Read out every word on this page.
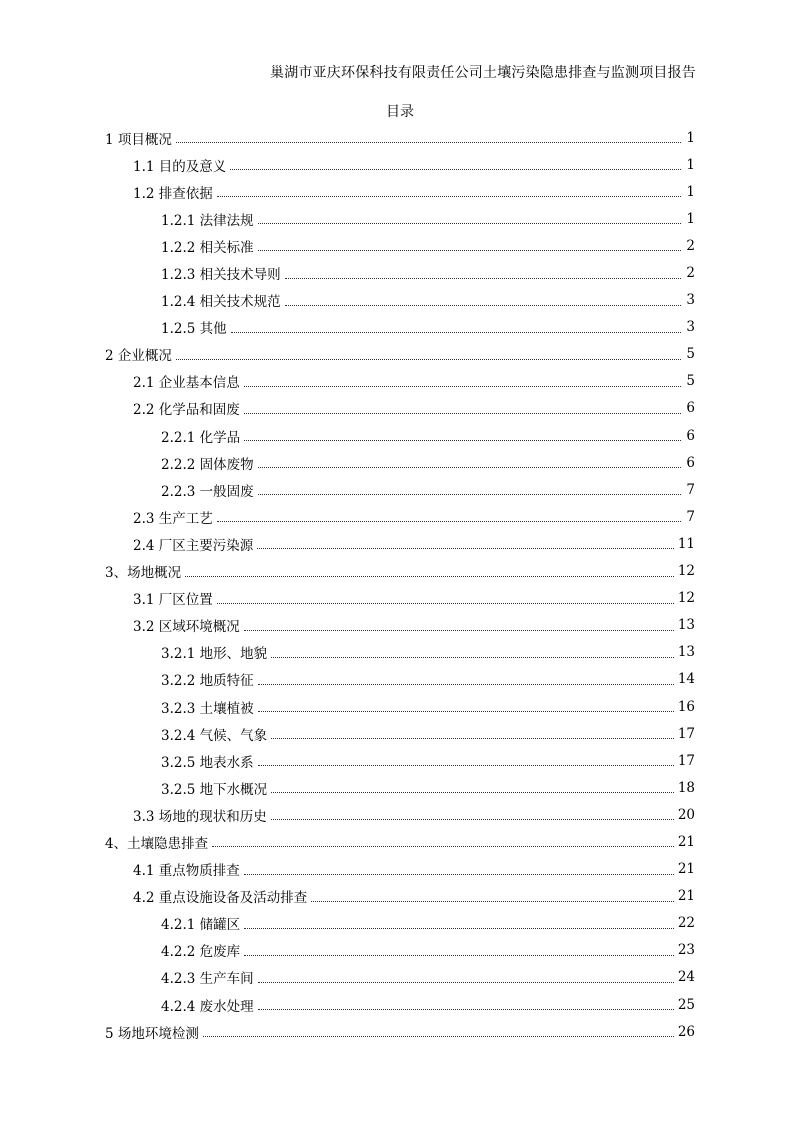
巢湖市亚庆环保科技有限责任公司土壤污染隐患排查与监测项目报告
目录
1 项目概况	1
1.1 目的及意义	1
1.2 排查依据	1
1.2.1 法律法规	1
1.2.2 相关标准	2
1.2.3 相关技术导则	2
1.2.4 相关技术规范	3
1.2.5 其他	3
2 企业概况	5
2.1 企业基本信息	5
2.2 化学品和固废	6
2.2.1 化学品	6
2.2.2 固体废物	6
2.2.3 一般固废	7
2.3 生产工艺	7
2.4 厂区主要污染源	11
3、场地概况	12
3.1 厂区位置	12
3.2 区域环境概况	13
3.2.1 地形、地貌	13
3.2.2 地质特征	14
3.2.3 土壤植被	16
3.2.4 气候、气象	17
3.2.5 地表水系	17
3.2.5 地下水概况	18
3.3 场地的现状和历史	20
4、土壤隐患排查	21
4.1 重点物质排查	21
4.2 重点设施设备及活动排查	21
4.2.1 储罐区	22
4.2.2 危废库	23
4.2.3 生产车间	24
4.2.4 废水处理	25
5 场地环境检测	26
